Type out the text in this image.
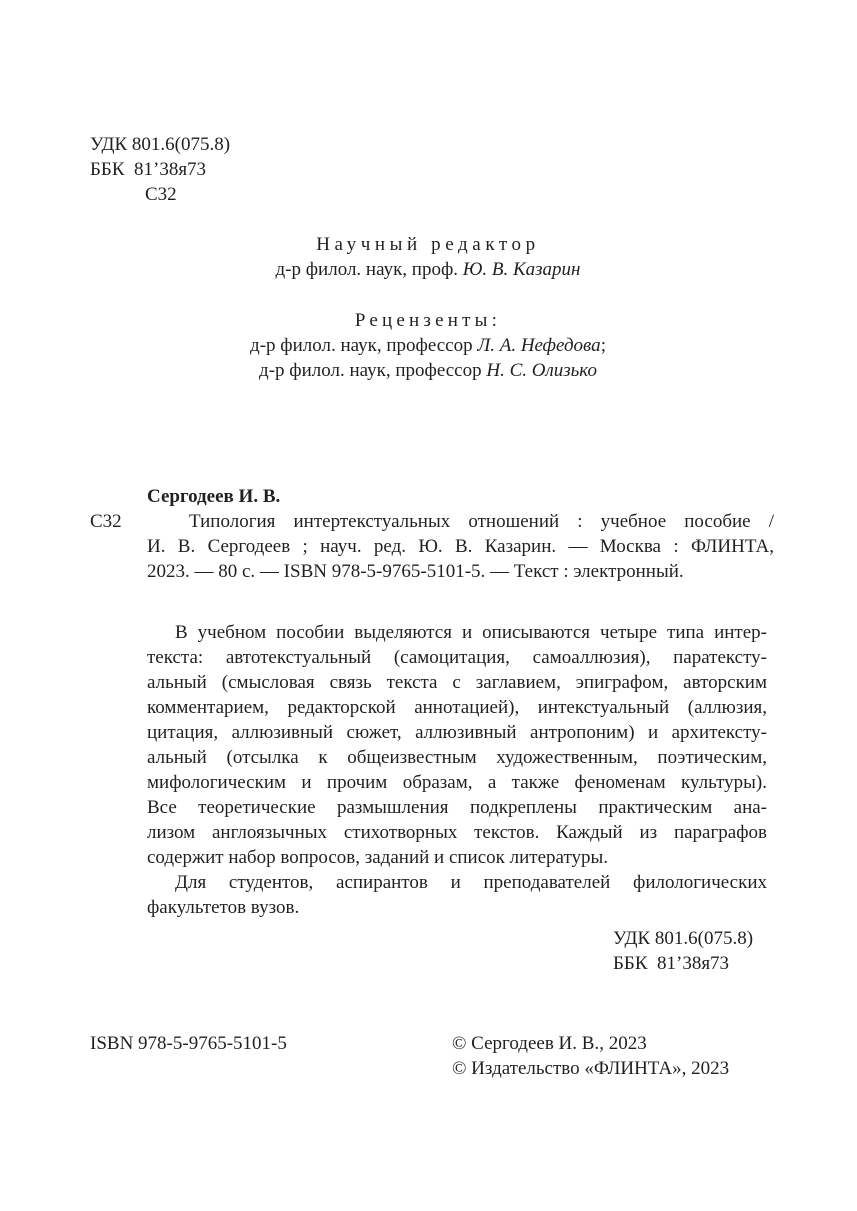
УДК 801.6(075.8)
ББК  81’38я73
С32
Научный редактор
д-р филол. наук, проф. Ю. В. Казарин
Рецензенты:
д-р филол. наук, профессор Л. А. Нефедова;
д-р филол. наук, профессор Н. С. Олизько
Сергодеев И. В.
С32	Типология интертекстуальных отношений : учебное пособие /

И. В. Сергодеев ; науч. ред. Ю. В. Казарин. — Москва : ФЛИНТА,

2023. — 80 с. — ISBN 978-5-9765-5101-5. — Текст : электронный.

В учебном пособии выделяются и описываются четыре типа интер-

текста: автотекстуальный (самоцитация, самоаллюзия), паратексту-

альный (смысловая связь текста с заглавием, эпиграфом, авторским

комментарием, редакторской аннотацией), интекстуальный (аллюзия,

цитация, аллюзивный сюжет, аллюзивный антропоним) и архитексту-

альный (отсылка к общеизвестным художественным, поэтическим,

мифологическим и прочим образам, а также феноменам культуры).

Все теоретические размышления подкреплены практическим ана-

лизом англоязычных стихотворных текстов. Каждый из параграфов

содержит набор вопросов, заданий и список литературы.

Для студентов, аспирантов и преподавателей филологических

факультетов вузов.

УДК 801.6(075.8)
ББК  81’38я73
ISBN 978-5-9765-5101-5	© Сергодеев И. В., 2023
© Издательство «ФЛИНТА», 2023
